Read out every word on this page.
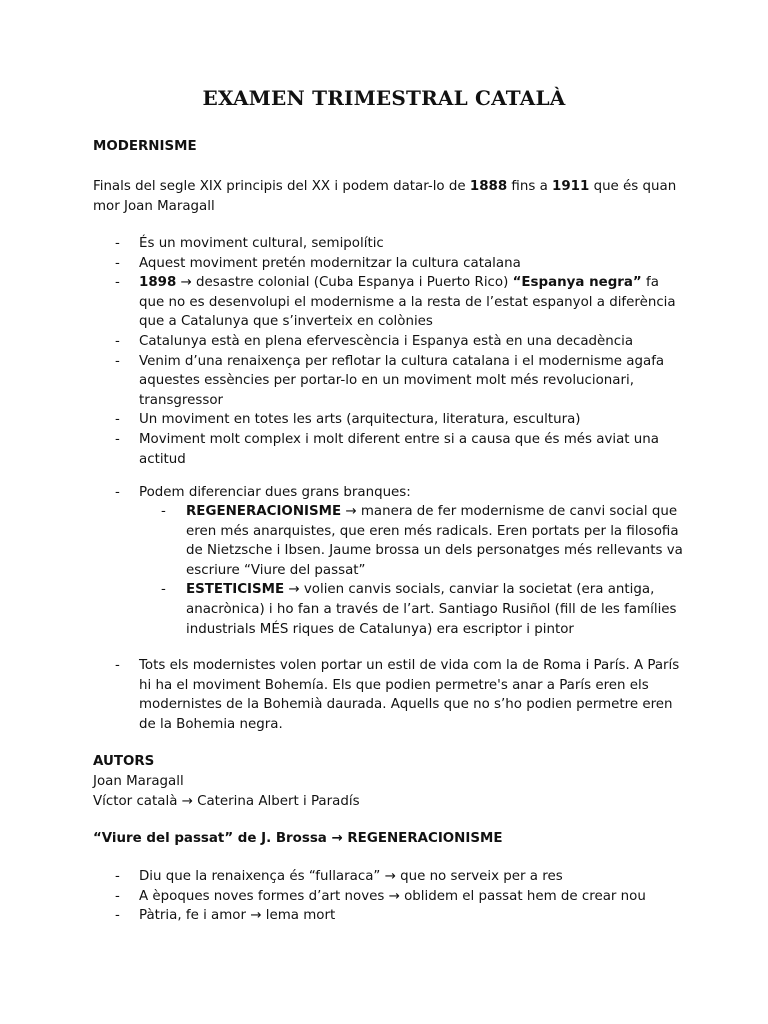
EXAMEN TRIMESTRAL CATALÀ
MODERNISME

Finals del segle XIX principis del XX i podem datar-lo de 1888 fins a 1911 que és quan mor Joan Maragall

- És un moviment cultural, semipolític
- Aquest moviment pretén modernitzar la cultura catalana
- 1898 → desastre colonial (Cuba Espanya i Puerto Rico) “Espanya negra” fa que no es desenvolupi el modernisme a la resta de l’estat espanyol a diferència que a Catalunya que s’inverteix en colònies
- Catalunya està en plena efervescència i Espanya està en una decadència
- Venim d’una renaixença per reflotar la cultura catalana i el modernisme agafa aquestes essències per portar-lo en un moviment molt més revolucionari, transgressor
- Un moviment en totes les arts (arquitectura, literatura, escultura)
- Moviment molt complex i molt diferent entre si a causa que és més aviat una actitud
- Podem diferenciar dues grans branques:
- REGENERACIONISME → manera de fer modernisme de canvi social que eren més anarquistes, que eren més radicals. Eren portats per la filosofia de Nietzsche i Ibsen. Jaume brossa un dels personatges més rellevants va escriure “Viure del passat”
- ESTETICISME → volien canvis socials, canviar la societat (era antiga, anacrònica) i ho fan a través de l’art. Santiago Rusiñol (fill de les famílies industrials MÉS riques de Catalunya) era escriptor i pintor
- Tots els modernistes volen portar un estil de vida com la de Roma i París. A París hi ha el moviment Bohemía. Els que podien permetre's anar a París eren els modernistes de la Bohemià daurada. Aquells que no s’ho podien permetre eren de la Bohemia negra.
AUTORS
Joan Maragall
Víctor català → Caterina Albert i Paradís
“Viure del passat” de J. Brossa → REGENERACIONISME
- Diu que la renaixença és “fullaraca” → que no serveix per a res
- A èpoques noves formes d’art noves → oblidem el passat hem de crear nou
- Pàtria, fe i amor → lema mort
